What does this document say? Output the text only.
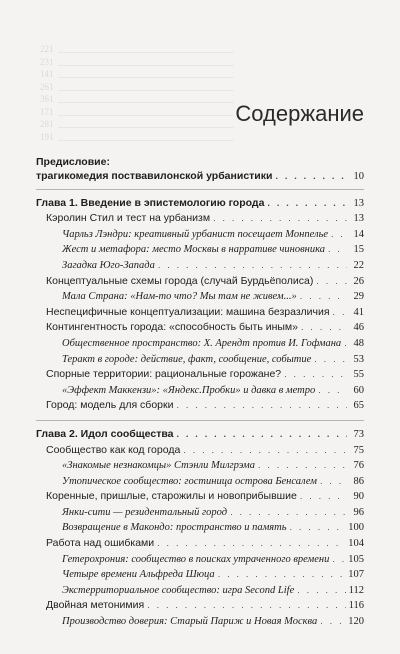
221 _______________________________________
231 _______________________________________
141 _______________________________________
261 _______________________________________
361 _______________________________________
171 _______________________________________
281 _______________________________________
191 _______________________________________
Содержание
Предисловие:
трагикомедия поствавилонской урбанистики . . .	10
Глава 1. Введение в эпистемологию города . . .	13
Кэролин Стил и тест на урбанизм . . .	13
Чарльз Лэндри: креативный урбанист посещает Монпелье . . .	14
Жест и метафора: место Москвы в нарративе чиновника . . .	15
Загадка Юго-Запада . . .	22
Концептуальные схемы города (случай Бурдьёполиса) . . .	26
Мала Страна: «Нам-то что? Мы там не живем...» . . .	29
Неспецифичные концептуализации: машина безразличия . . .	41
Контингентность города: «способность быть иным» . . .	46
Общественное пространство: Х. Арендт против И. Гофмана . . .	48
Теракт в городе: действие, факт, сообщение, событие . . .	53
Спорные территории: рациональные горожане? . . .	55
«Эффект Маккензи»: «Яндекс.Пробки» и давка в метро . . .	60
Город: модель для сборки . . .	65
Глава 2. Идол сообщества . . .	73
Сообщество как код города . . .	75
«Знакомые незнакомцы» Стэнли Милгрэма . . .	76
Утопическое сообщество: гостиница острова Бенсалем . . .	86
Коренные, пришлые, старожилы и новоприбывшие . . .	90
Янки-сити — резидентальный город . . .	96
Возвращение в Макондо: пространство и память . . .	100
Работа над ошибками . . .	104
Гетерохрония: сообщество в поисках утраченного времени . . . 105
Четыре времени Альфреда Шюца . . .	107
Экстерриториальное сообщество: игра Second Life . . .	112
Двойная метонимия . . .	116
Производство доверия: Старый Париж и Новая Москва . . .	120
